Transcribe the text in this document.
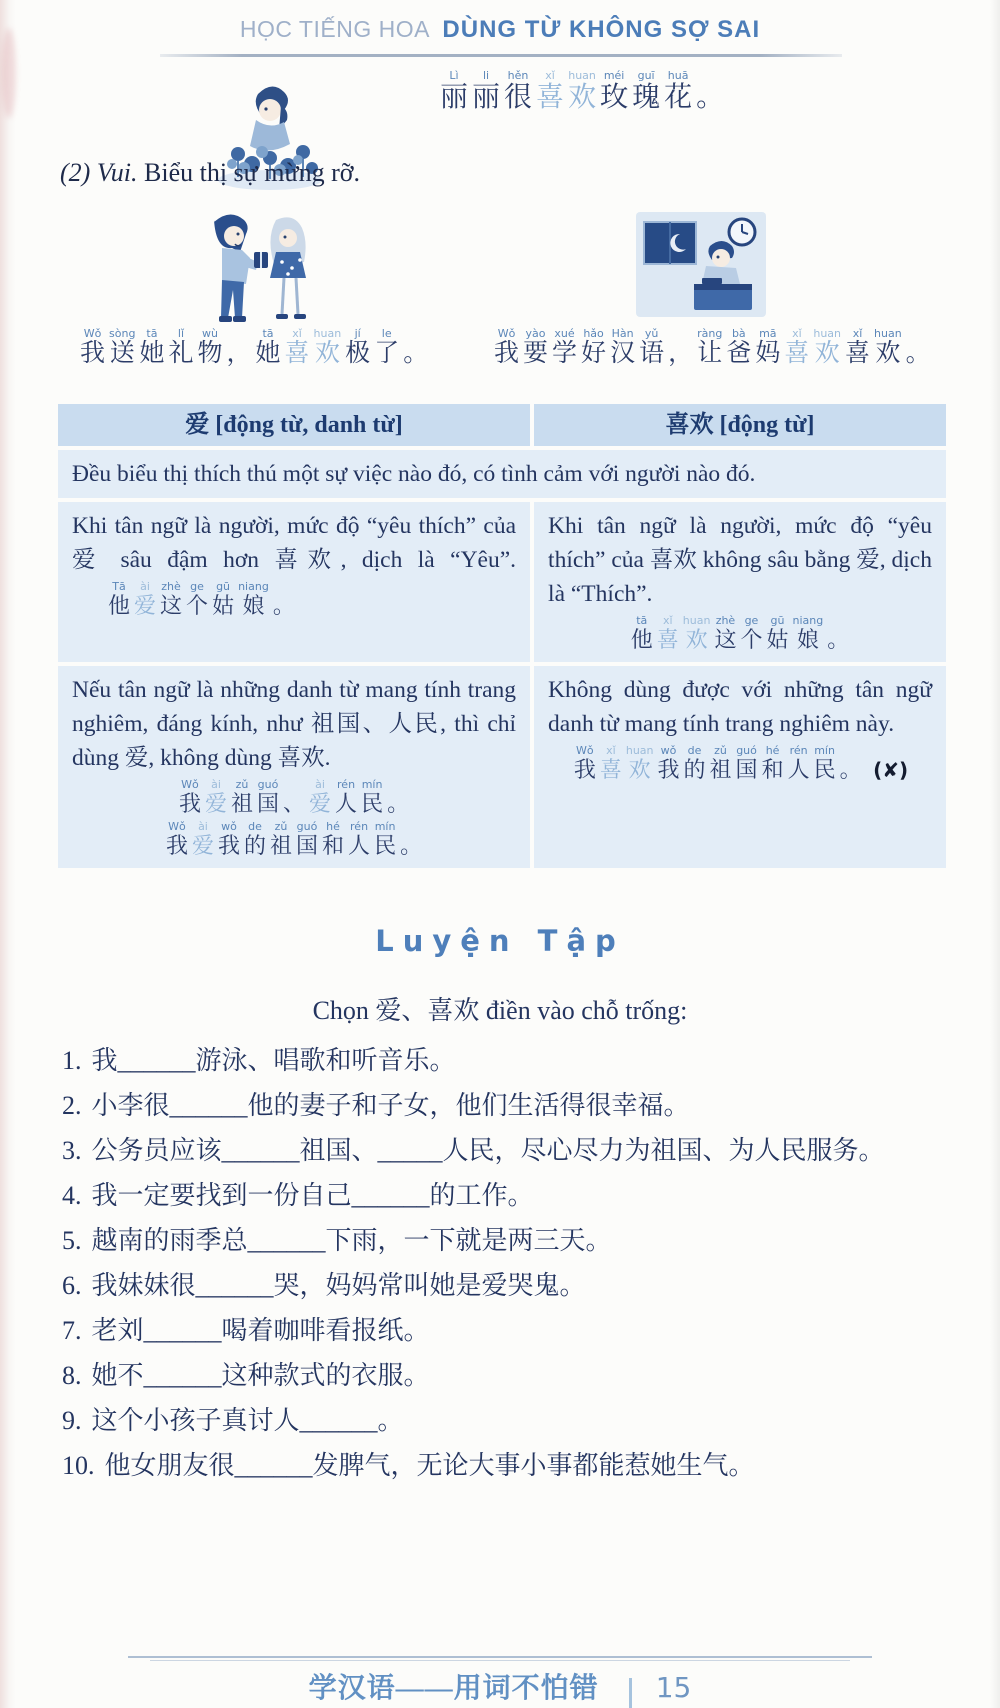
HỌC TIẾNG HOA DÙNG TỪ KHÔNG SỢ SAI
丽Lì丽li很hěn喜xǐ欢huan玫méi瑰guī花huā。
(2) Vui. Biểu thị sự mừng rỡ.
我Wǒ送sòng她tā礼lǐ物wù， 她tā喜xǐ欢huan极jí了le。	我Wǒ要yào学xué好hǎo汉Hàn语yǔ， 让ràng爸bà妈mā喜xǐ欢huan喜xǐ欢huan。
爱 [động từ, danh từ]	喜欢 [động từ]
Đều biểu thị thích thú một sự việc nào đó, có tình cảm với người nào đó.
Khi tân ngữ là người, mức độ “yêu thích” của 爱 sâu đậm hơn 喜欢, dịch là “Yêu”. 他Tā爱ài这zhè个ge姑gū娘niang。
Khi tân ngữ là người, mức độ “yêu thích” của 喜欢 không sâu bằng 爱, dịch là “Thích”.
他tā喜xǐ欢huan这zhè个ge姑gū娘niang。
Nếu tân ngữ là những danh từ mang tính trang nghiêm, đáng kính, như 祖国、人民, thì chỉ dùng 爱, không dùng 喜欢.
我Wǒ爱ài祖zǔ国guó、 爱ài人rén民mín。
我Wǒ爱ài我wǒ的de祖zǔ国guó和hé人rén民mín。
Không dùng được với những tân ngữ danh từ mang tính trang nghiêm này.
我Wǒ喜xǐ欢huan我wǒ的de祖zǔ国guó和hé人rén民mín。 (✘)
Luyện Tập
Chọn 爱、喜欢 điền vào chỗ trống:
1. 我______游泳、唱歌和听音乐。
2. 小李很______他的妻子和子女，他们生活得很幸福。
3. 公务员应该______祖国、_____人民，尽心尽力为祖国、为人民服务。
4. 我一定要找到一份自己______的工作。
5. 越南的雨季总______下雨，一下就是两三天。
6. 我妹妹很______哭，妈妈常叫她是爱哭鬼。
7. 老刘______喝着咖啡看报纸。
8. 她不______这种款式的衣服。
9. 这个小孩子真讨人______。
10. 他女朋友很______发脾气，无论大事小事都能惹她生气。
学汉语——用词不怕错 15
